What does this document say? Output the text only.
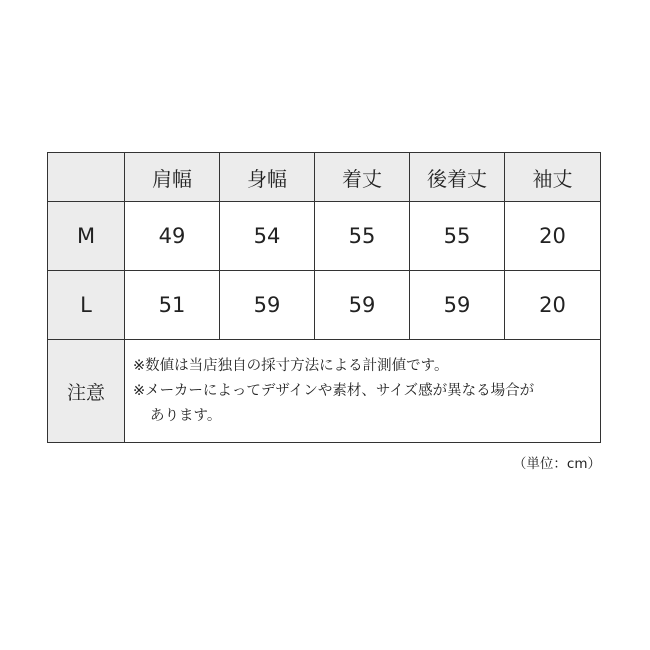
	肩幅	身幅	着丈	後着丈	袖丈
M	49	54	55	55	20
L	51	59	59	59	20
注意	※数値は当店独自の採寸方法による計測値です。
※メーカーによってデザインや素材、サイズ感が異なる場合が
あります。				
（単位：cm）
